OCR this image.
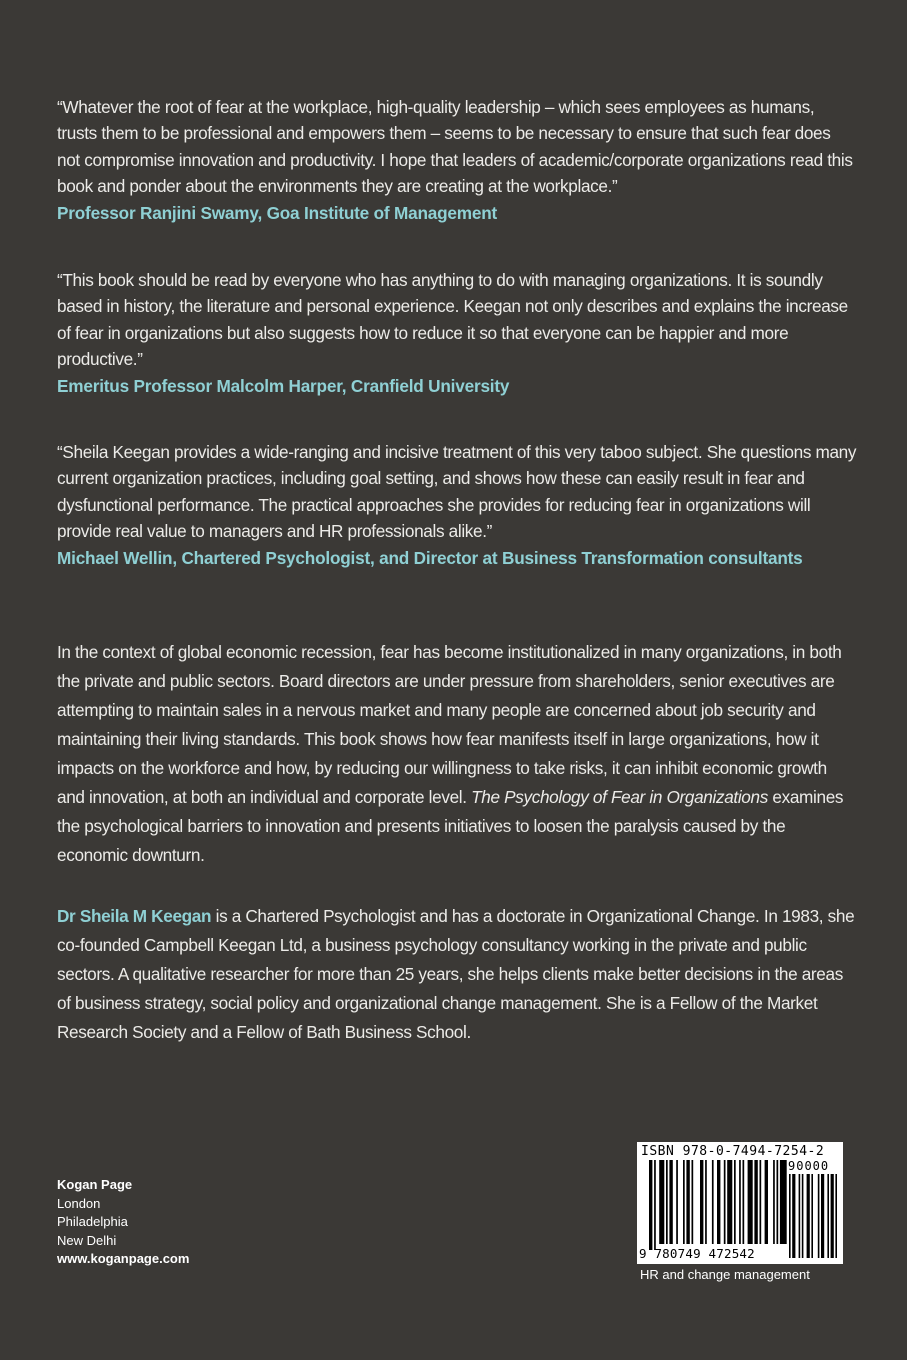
“Whatever the root of fear at the workplace, high-quality leadership – which sees employees as humans, trusts them to be professional and empowers them – seems to be necessary to ensure that such fear does not compromise innovation and productivity. I hope that leaders of academic/corporate organizations read this book and ponder about the environments they are creating at the workplace.”

Professor Ranjini Swamy, Goa Institute of Management

“This book should be read by everyone who has anything to do with managing organizations. It is soundly based in history, the literature and personal experience. Keegan not only describes and explains the increase of fear in organizations but also suggests how to reduce it so that everyone can be happier and more productive.”

Emeritus Professor Malcolm Harper, Cranfield University

“Sheila Keegan provides a wide-ranging and incisive treatment of this very taboo subject. She questions many current organization practices, including goal setting, and shows how these can easily result in fear and dysfunctional performance. The practical approaches she provides for reducing fear in organizations will provide real value to managers and HR professionals alike.”

Michael Wellin, Chartered Psychologist, and Director at Business Transformation consultants

In the context of global economic recession, fear has become institutionalized in many organizations, in both the private and public sectors. Board directors are under pressure from shareholders, senior executives are attempting to maintain sales in a nervous market and many people are concerned about job security and maintaining their living standards. This book shows how fear manifests itself in large organizations, how it impacts on the workforce and how, by reducing our willingness to take risks, it can inhibit economic growth and innovation, at both an individual and corporate level. The Psychology of Fear in Organizations examines the psychological barriers to innovation and presents initiatives to loosen the paralysis caused by the economic downturn.

Dr Sheila M Keegan is a Chartered Psychologist and has a doctorate in Organizational Change. In 1983, she co-founded Campbell Keegan Ltd, a business psychology consultancy working in the private and public sectors. A qualitative researcher for more than 25 years, she helps clients make better decisions in the areas of business strategy, social policy and organizational change management. She is a Fellow of the Market Research Society and a Fellow of Bath Business School.

Kogan Page
London
Philadelphia
New Delhi
www.koganpage.com
ISBN 978-0-7494-7254-2
90000
9 780749 472542
HR and change management
